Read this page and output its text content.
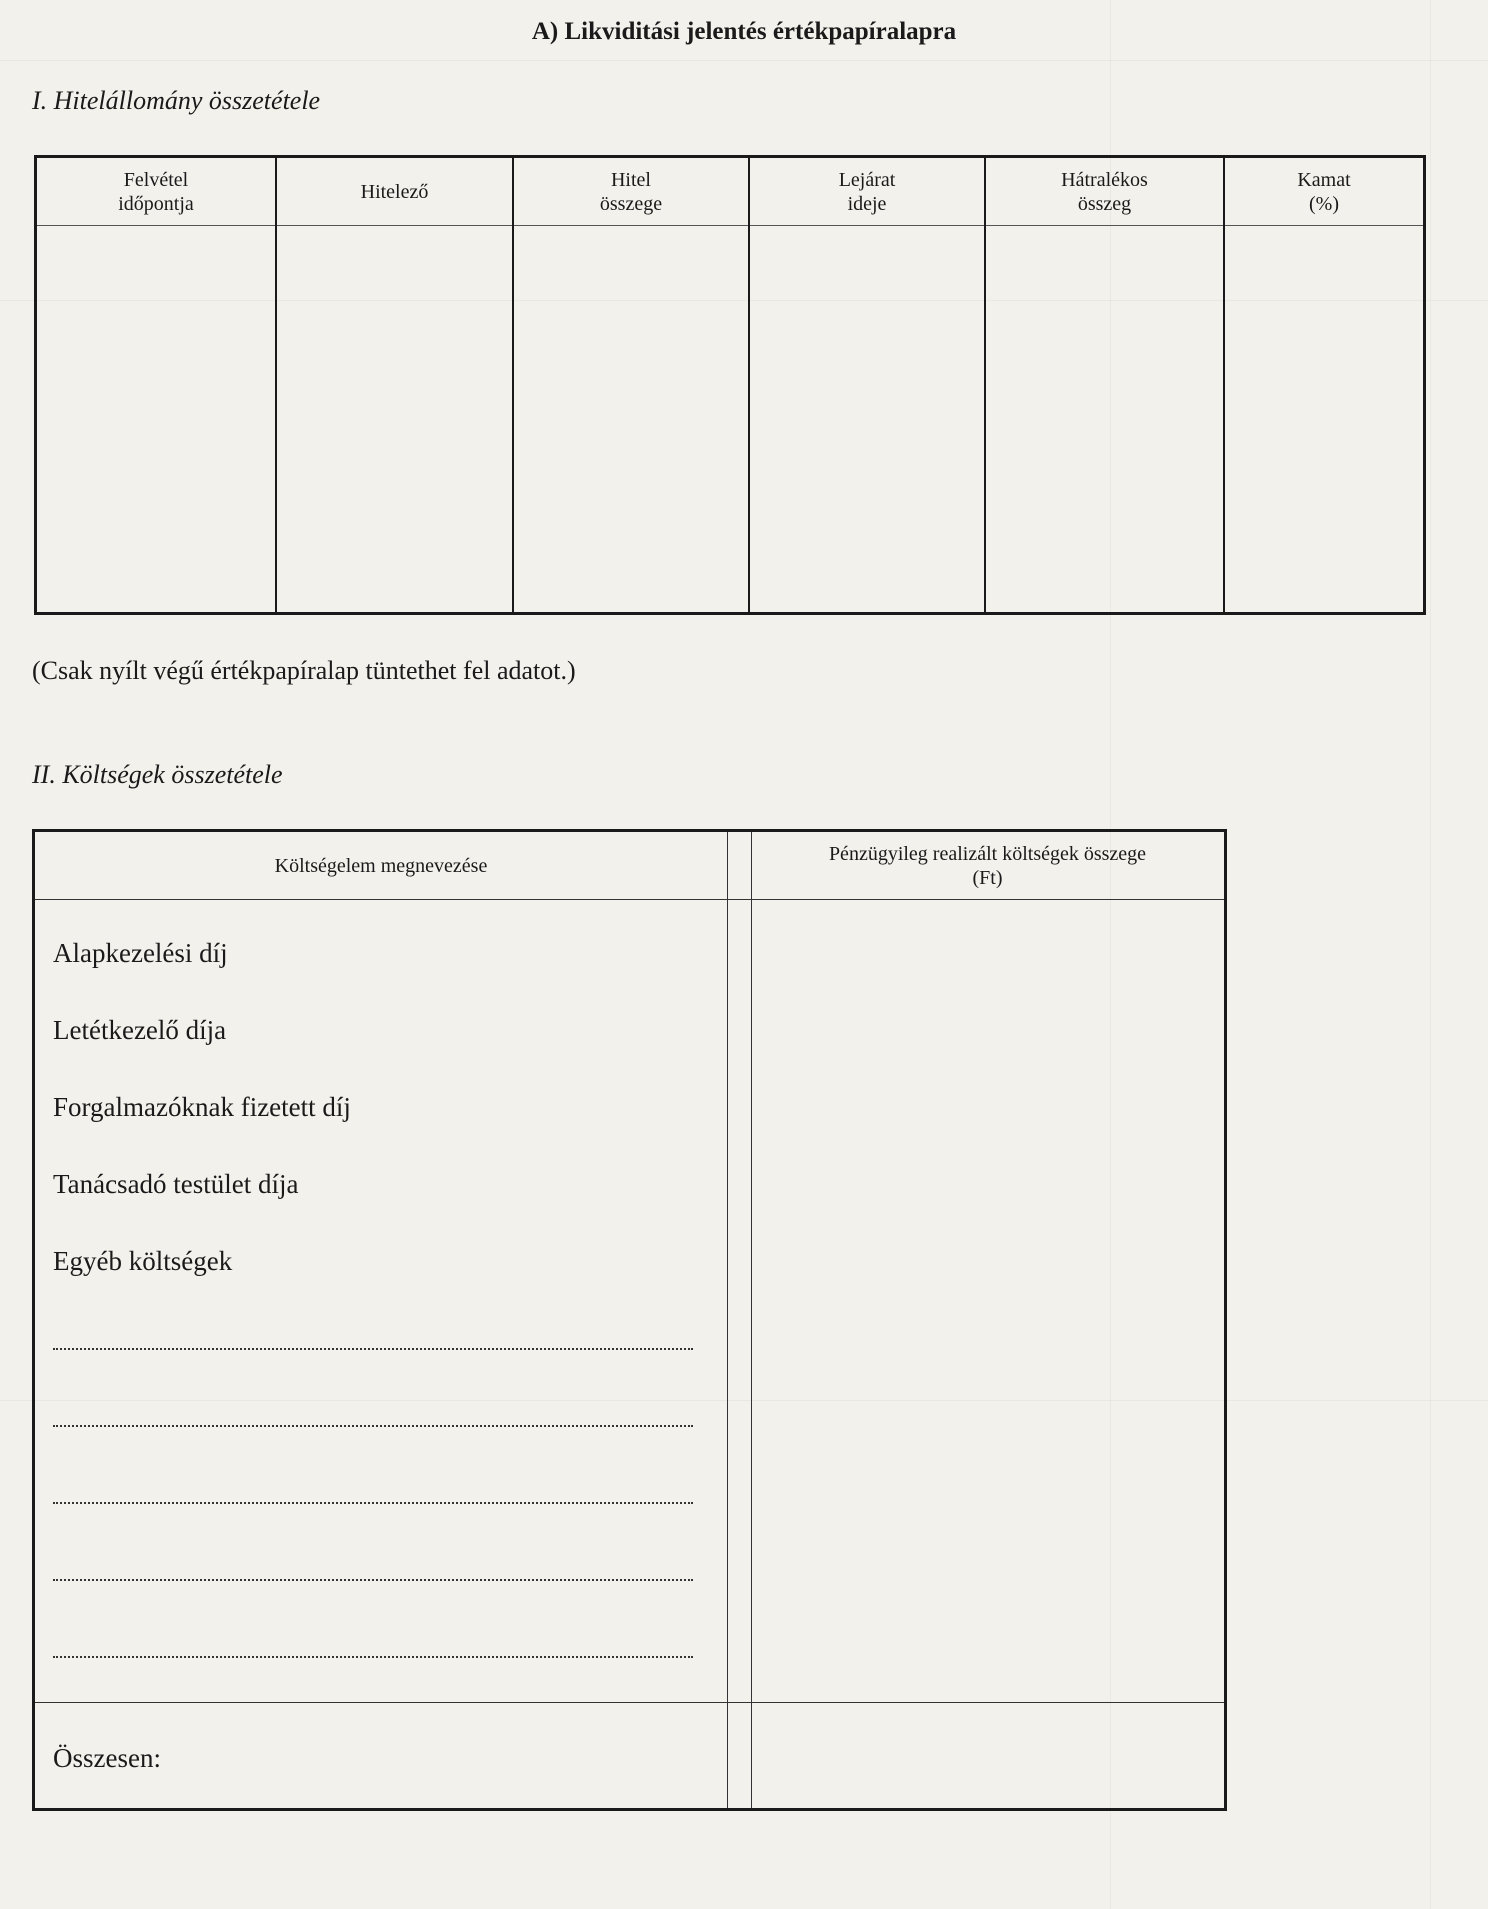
A) Likviditási jelentés értékpapíralapra
I. Hitelállomány összetétele
Felvétel
időpontja
Hitelező
Hitel
összege
Lejárat
ideje
Hátralékos
összeg
Kamat
(%)
(Csak nyílt végű értékpapíralap tüntethet fel adatot.)
II. Költségek összetétele
Költségelem megnevezése
Pénzügyileg realizált költségek összege
(Ft)
Alapkezelési díj
Letétkezelő díja
Forgalmazóknak fizetett díj
Tanácsadó testület díja
Egyéb költségek
Összesen:
